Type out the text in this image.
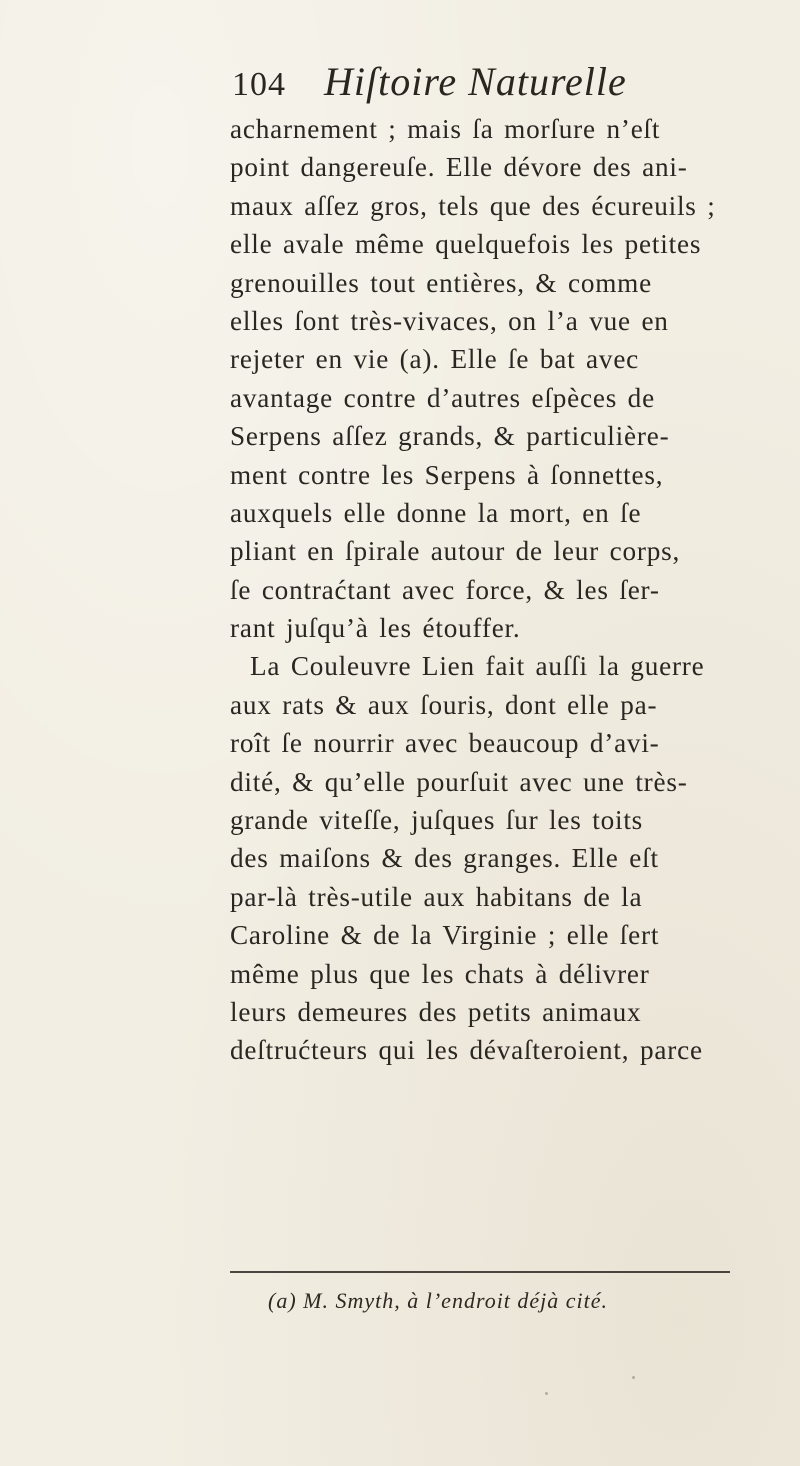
104 Hiſtoire Naturelle
acharnement ; mais ſa morſure n’eſt
point dangereuſe. Elle dévore des ani-
maux aſſez gros, tels que des écureuils ;
elle avale même quelquefois les petites
grenouilles tout entières, & comme
elles ſont très-vivaces, on l’a vue en
rejeter en vie (a). Elle ſe bat avec
avantage contre d’autres eſpèces de
Serpens aſſez grands, & particulière-
ment contre les Serpens à ſonnettes,
auxquels elle donne la mort, en ſe
pliant en ſpirale autour de leur corps,
ſe contraćtant avec force, & les ſer-
rant juſqu’à les étouffer.
La Couleuvre Lien fait auſſi la guerre
aux rats & aux ſouris, dont elle pa-
roît ſe nourrir avec beaucoup d’avi-
dité, & qu’elle pourſuit avec une très-
grande viteſſe, juſques ſur les toits
des maiſons & des granges. Elle eſt
par-là très-utile aux habitans de la
Caroline & de la Virginie ; elle ſert
même plus que les chats à délivrer
leurs demeures des petits animaux
deſtrućteurs qui les dévaſteroient, parce
(a) M. Smyth, à l’endroit déjà cité.
